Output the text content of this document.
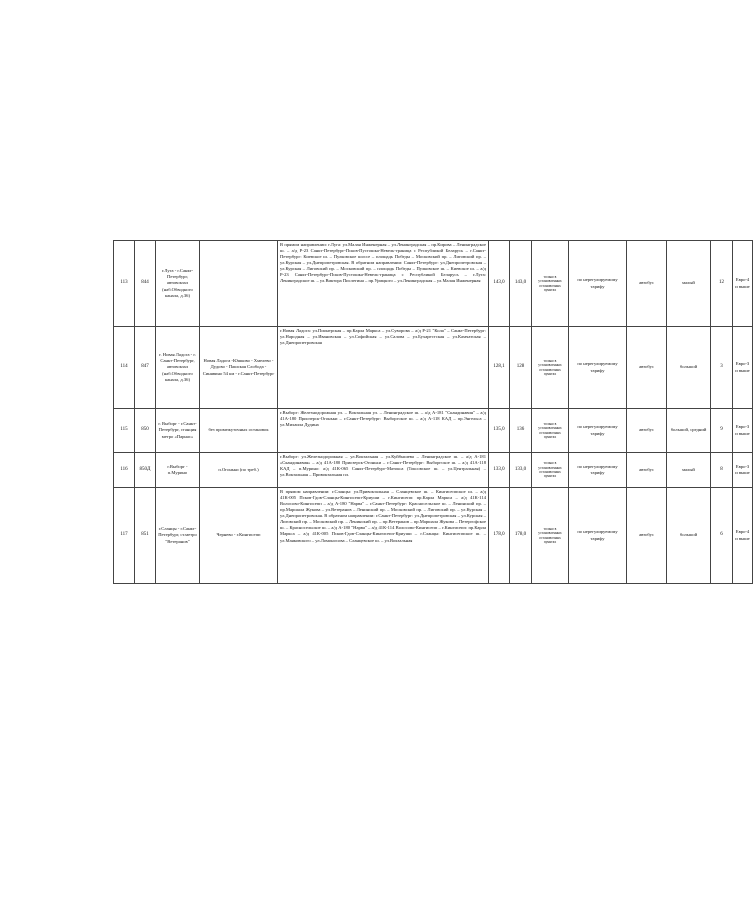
113	844	г.Луга - г.Санкт-Петербург, автовокзал (наб.Обводного канала, д.36)		В прямом направлении: г.Луга: ул.Малая Инженерная – ул.Ленинградская – пр.Кирова – Ленинградское ш. – а/д Р-23 Санкт-Петербург-Псков-Пустошка-Невель-граница с Республикой Беларусь – г.Санкт-Петербург: Киевское ш. – Пулковское шоссе – площадь Победы – Московский пр. – Лиговский пр. – ул.Курская – ул.Днепропетровская. В обратном направлении: Санкт-Петербург: ул.Днепропетровская – ул.Курская – Лиговский пр. – Московский пр. – площадь Победы – Пулковское ш. – Киевское ш. – а/д Р-23 Санкт-Петербург-Псков-Пустошка-Невель-граница с Республикой Беларусь – г.Луга: Ленинградское ш. – ул.Виктора Пислегина – пр.Урицкого – ул.Ленинградская – ул.Малая Инженерная	143,0	143,0	только в установленных остановочных пунктах	по нерегулируемому тарифу	автобус	малый	12	Евро-4 и выше
114	847	г. Новая Ладога - г. Санкт-Петербург, автовокзал (наб.Обводного канала, д.36)	Новая Ладога -Юшково - Хмелево - Дудово - Пашская Слобода - Синявино 54 км - г.Санкт-Петербург	г.Новая Ладога: ул.Пионерская – пр.Карла Маркса – ул.Суворова – а/д Р-21 "Кола" – Санкт-Петербург: ул.Народная – ул.Ивановская – ул.Софийская – ул.Салова – ул.Бухарестская – ул.Камчатская – ул.Днепропетровская	128,1	128	только в установленных остановочных пунктах	по нерегулируемому тарифу	автобус	большой	3	Евро-3 и выше
115	850	г. Выборг - г.Санкт-Петербург, станция метро «Парнас»	без промежуточных остановок	г.Выборг: Железнодорожная ул. – Вокзальная ул. – Ленинградское ш. – а/д А-181 "Скандинавия" – а/д 41А-180 Приозерск-Огоньки – г.Санкт-Петербург: Выборгское ш. – а/д А-118 КАД – пр.Энгельса – ул.Михаила Дудина	135,0	136	только в установленных остановочных пунктах	по нерегулируемому тарифу	автобус	большой, средний	9	Евро-3 и выше
116	850Д	г.Выборг - п.Мурино	п.Огоньки (по треб.)	г.Выборг: ул.Железнодорожная – ул.Вокзальная – ул.Куйбышева – Ленинградское ш. – а/д А-181 «Скандинавия» – а/д 41А-180 Приозерск-Огоньки – г.Санкт-Петербург: Выборгское ш. – а/д 41А-118 КАД – п.Мурино: а/д 41К-065 Санкт-Петербург-Матокса (Токсовское ш. – ул.Центральная) – ул.Вокзальная – Привокзальная пл.	133,0	133,0	только в установленных остановочных пунктах	по нерегулируемому тарифу	автобус	малый	8	Евро-3 и выше
117	851	г.Сланцы - г.Санкт-Петербург, ст.метро "Ветеранов"	Чернево - г.Кингисепп	В прямом направлении: г.Сланцы: ул.Привокзальная – Сланцевское ш. – Кингисеппское ш. – а/д 41К-005 Псков-Гдов-Сланцы-Кингисепп-Криуши – г.Кингисепп: пр.Карла Маркса – а/д 41К-114 Волосово-Кингисепп – а/д А-180 "Нарва" – г.Санкт-Петербург: Красносельское ш. – Ленинский пр. – пр.Маршала Жукова – ул.Ветеранов – Ленинский пр. – Московский пр. – Лиговский пр. – ул.Курская – ул.Днепропетровская. В обратном направлении: г.Санкт-Петербург: ул.Днепропетровская – ул.Курская – Лиговский пр. – Московский пр. – Ленинский пр. – пр.Ветеранов – пр.Маршала Жукова – Петергофское ш. – Красносельское ш. – а/д А-180 "Нарва" – а/д 41К-114 Волосово-Кингисепп – г.Кингисепп: пр.Карла Маркса – а/д 41К-005 Псков-Гдов-Сланцы-Кингисепп-Криуши – г.Сланцы: Кингисеппское ш. – ул.Маяковского – ул.Ломоносова – Сланцевское ш. – ул.Вокзальная	178,0	178,0	только в установленных остановочных пунктах	по нерегулируемому тарифу	автобус	большой	6	Евро-4 и выше
